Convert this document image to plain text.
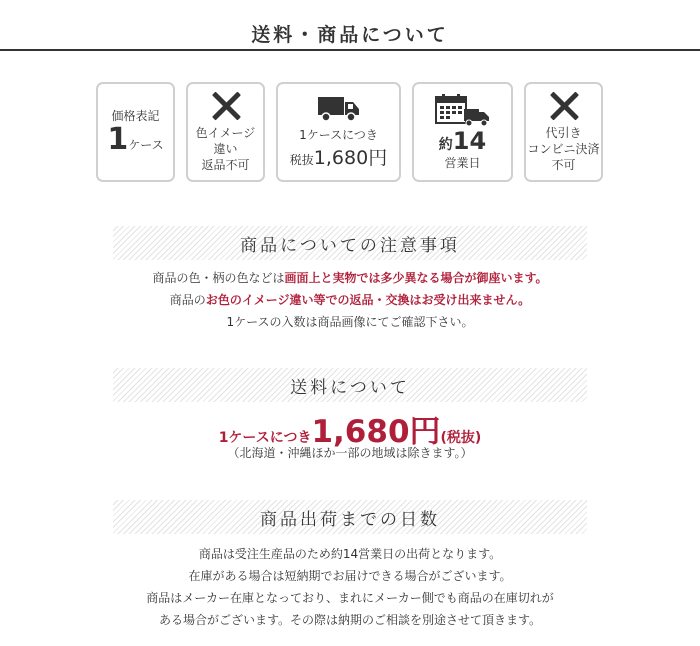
送料・商品について
価格表記
1 ケース
色イメージ
違い
返品不可
1ケースにつき
税抜1,680円
約 14
営業日
代引き
コンビニ決済
不可
商品についての注意事項
商品の色・柄の色などは画面上と実物では多少異なる場合が御座います。
商品のお色のイメージ違い等での返品・交換はお受け出来ません。
1ケースの入数は商品画像にてご確認下さい。
送料について
1ケースにつき1,680円(税抜)
（北海道・沖縄ほか一部の地域は除きます。）
商品出荷までの日数
商品は受注生産品のため約14営業日の出荷となります。
在庫がある場合は短納期でお届けできる場合がございます。
商品はメーカー在庫となっており、まれにメーカー側でも商品の在庫切れが
ある場合がございます。その際は納期のご相談を別途させて頂きます。
